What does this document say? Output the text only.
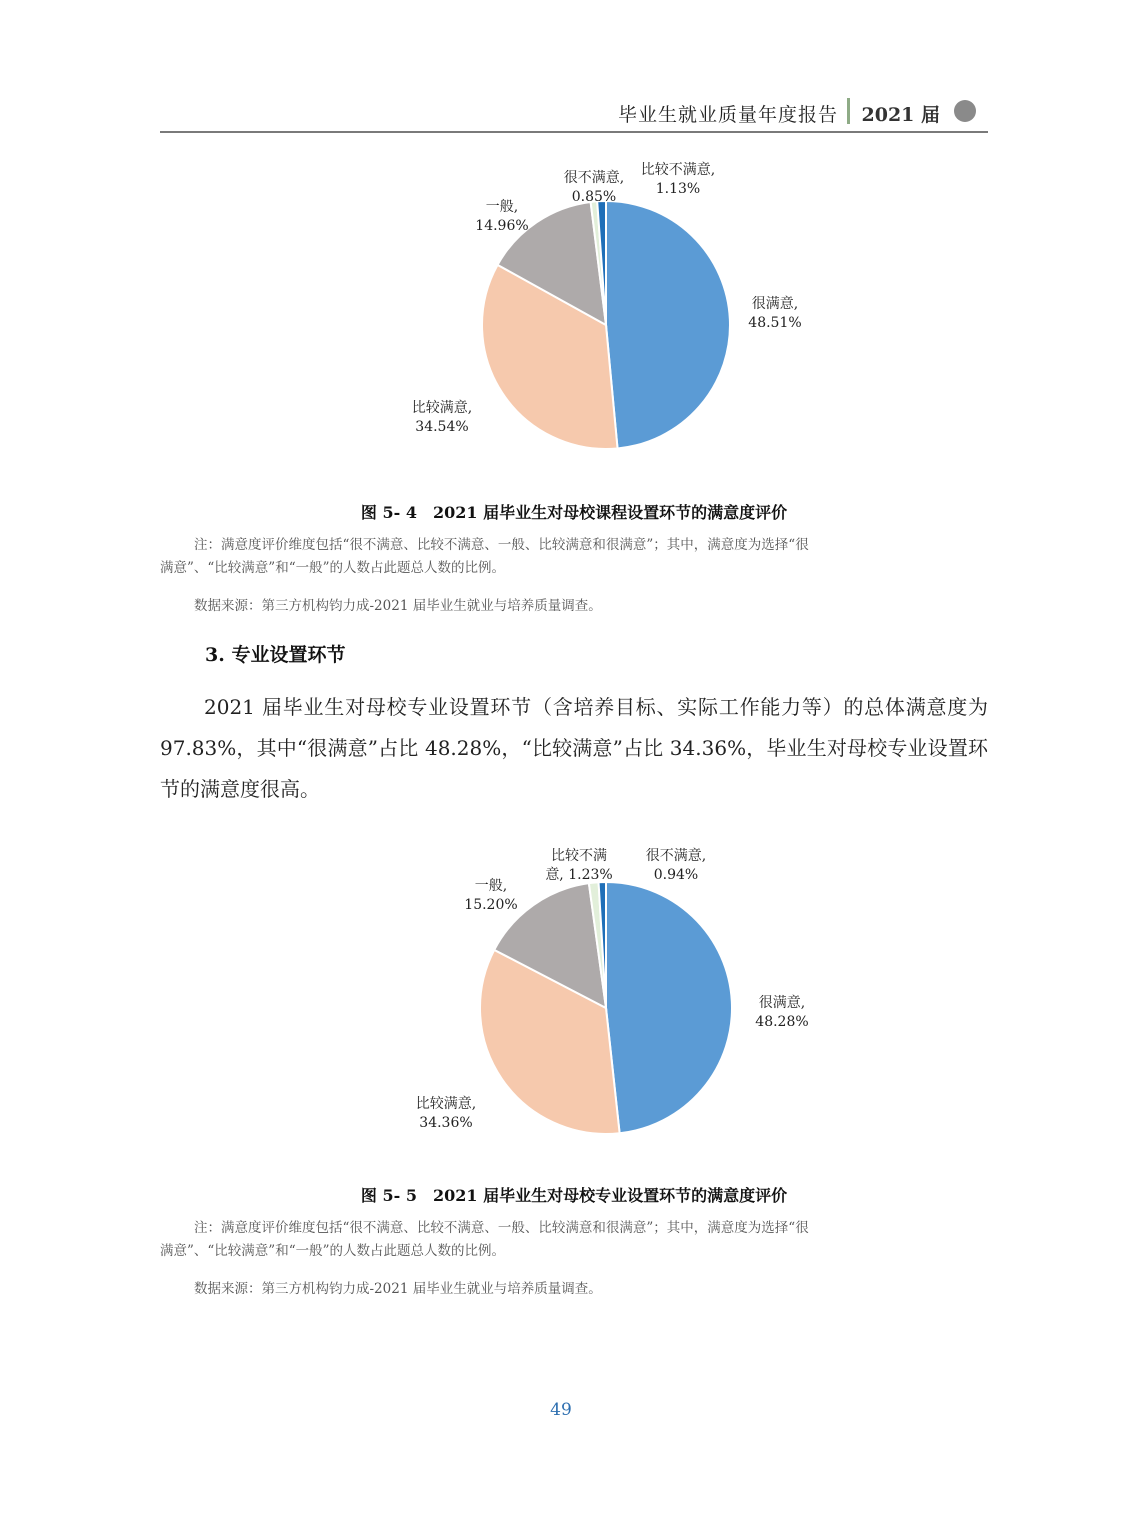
毕业生就业质量年度报告 2021 届
很满意, 48.51%
比较满意, 34.54%
一般, 14.96%
很不满意, 0.85%
比较不满意, 1.13%
图 5- 4　2021 届毕业生对母校课程设置环节的满意度评价
注：满意度评价维度包括“很不满意、比较不满意、一般、比较满意和很满意”；其中，满意度为选择“很
满意”、“比较满意”和“一般”的人数占此题总人数的比例。
数据来源：第三方机构钧力成-2021 届毕业生就业与培养质量调查。
3. 专业设置环节
2021 届毕业生对母校专业设置环节（含培养目标、实际工作能力等）的总体满意度为 97.83%，其中“很满意”占比 48.28%，“比较满意”占比 34.36%，毕业生对母校专业设置环节的满意度很高。
很满意, 48.28%
比较满意, 34.36%
一般, 15.20%
比较不满意, 1.23%
很不满意, 0.94%
图 5- 5　2021 届毕业生对母校专业设置环节的满意度评价
注：满意度评价维度包括“很不满意、比较不满意、一般、比较满意和很满意”；其中，满意度为选择“很
满意”、“比较满意”和“一般”的人数占此题总人数的比例。
数据来源：第三方机构钧力成-2021 届毕业生就业与培养质量调查。
49
